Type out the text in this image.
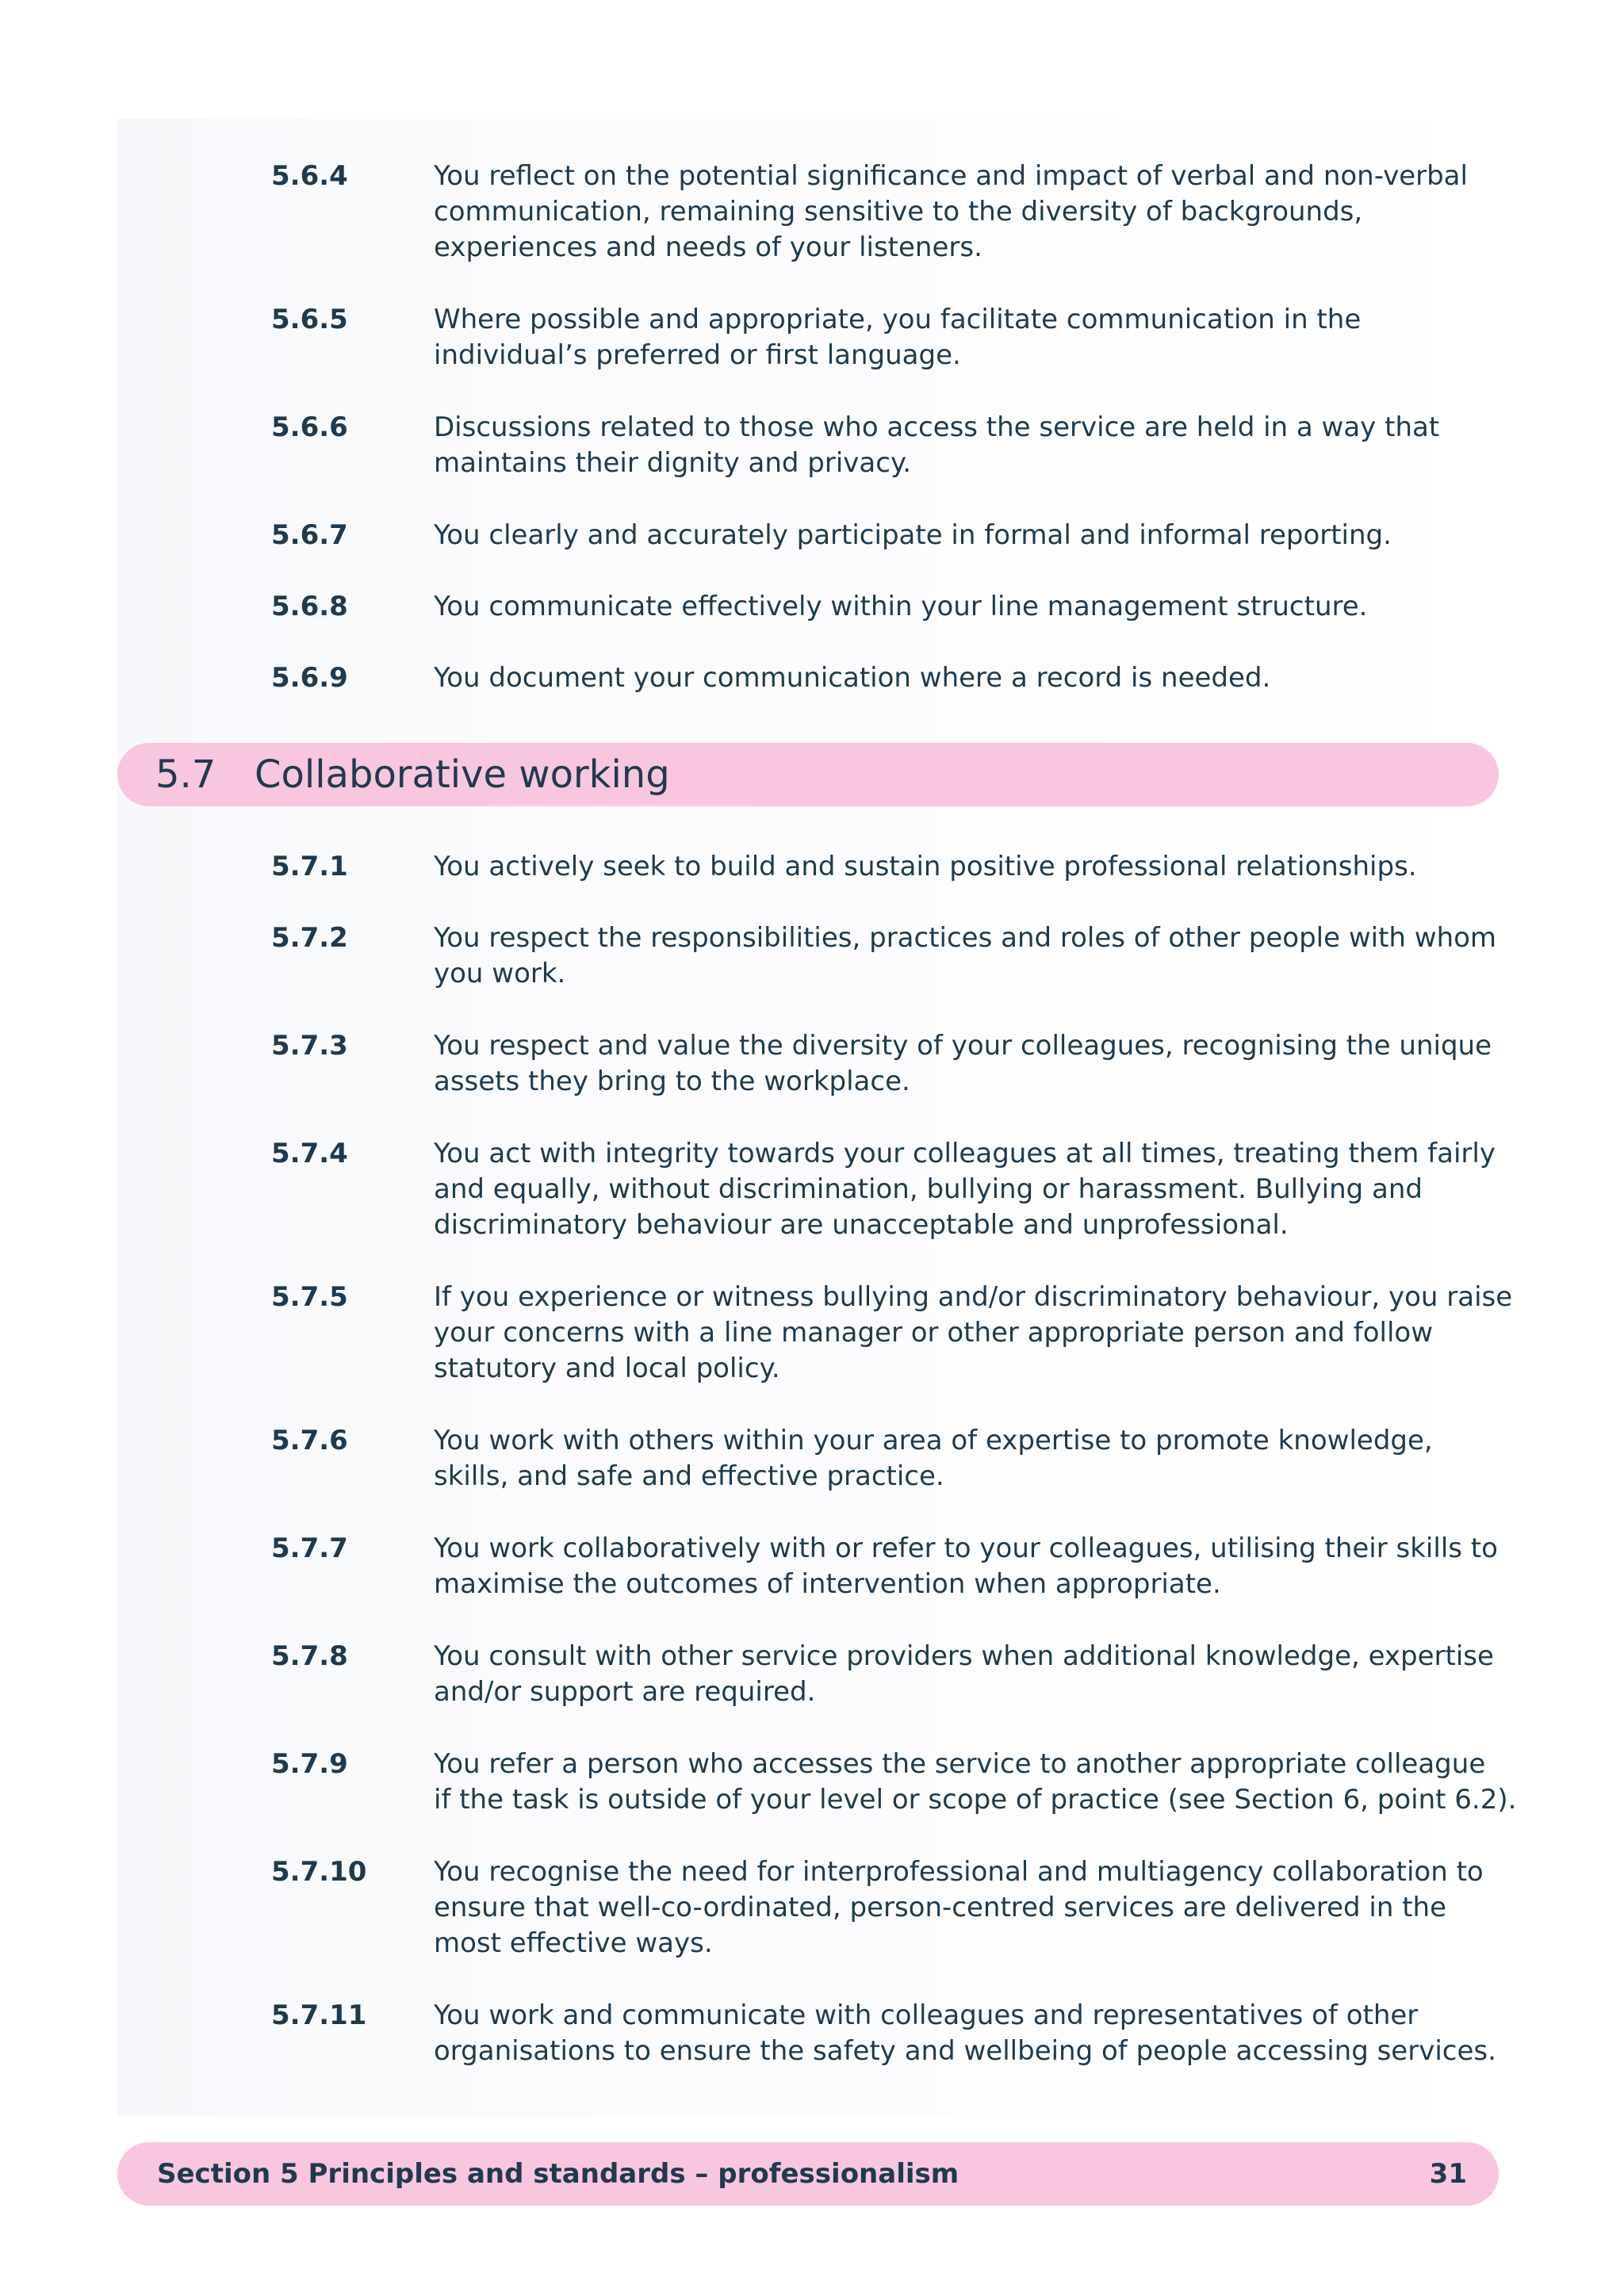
5.6.4	You reflect on the potential significance and impact of verbal and non-verbal
communication, remaining sensitive to the diversity of backgrounds,
experiences and needs of your listeners.
5.6.5	Where possible and appropriate, you facilitate communication in the
individual’s preferred or first language.
5.6.6	Discussions related to those who access the service are held in a way that
maintains their dignity and privacy.
5.6.7	You clearly and accurately participate in formal and informal reporting.
5.6.8	You communicate effectively within your line management structure.
5.6.9	You document your communication where a record is needed.
5.7 Collaborative working
5.7.1	You actively seek to build and sustain positive professional relationships.
5.7.2	You respect the responsibilities, practices and roles of other people with whom
you work.
5.7.3	You respect and value the diversity of your colleagues, recognising the unique
assets they bring to the workplace.
5.7.4	You act with integrity towards your colleagues at all times, treating them fairly
and equally, without discrimination, bullying or harassment. Bullying and
discriminatory behaviour are unacceptable and unprofessional.
5.7.5	If you experience or witness bullying and/or discriminatory behaviour, you raise
your concerns with a line manager or other appropriate person and follow
statutory and local policy.
5.7.6	You work with others within your area of expertise to promote knowledge,
skills, and safe and effective practice.
5.7.7	You work collaboratively with or refer to your colleagues, utilising their skills to
maximise the outcomes of intervention when appropriate.
5.7.8	You consult with other service providers when additional knowledge, expertise
and/or support are required.
5.7.9	You refer a person who accesses the service to another appropriate colleague
if the task is outside of your level or scope of practice (see Section 6, point 6.2).
5.7.10 You recognise the need for interprofessional and multiagency collaboration to
ensure that well-co-ordinated, person-centred services are delivered in the
most effective ways.
5.7.11 You work and communicate with colleagues and representatives of other
organisations to ensure the safety and wellbeing of people accessing services.
Section 5 Principles and standards – professionalism	31
